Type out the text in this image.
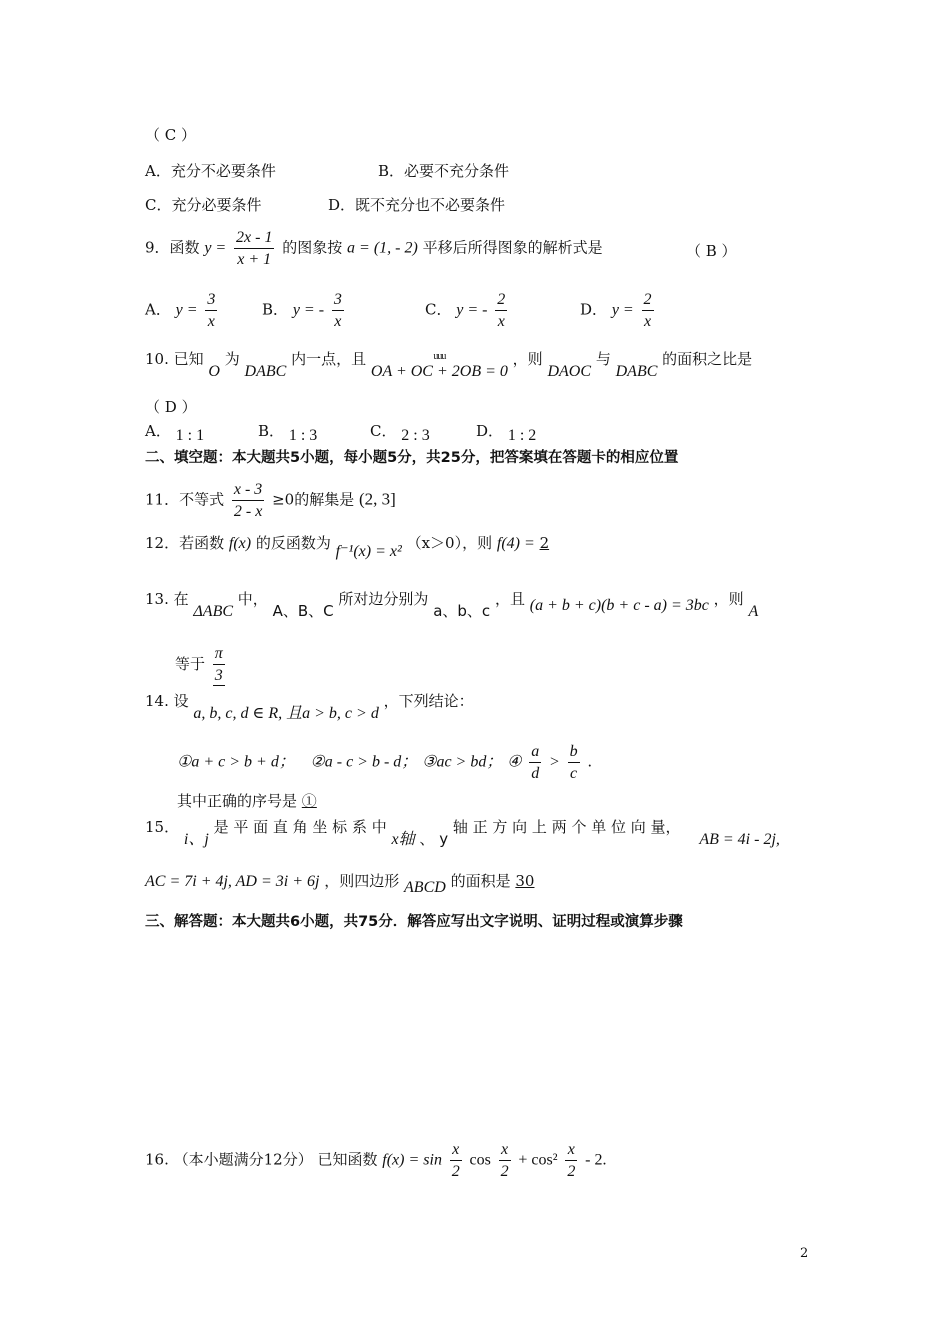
（ C ）
A．充分不必要条件	B．必要不充分条件
C．充分必要条件	D．既不充分也不必要条件
9．函数 $y = \frac{2x - 1}{x + 1}$ 的图象按 a = (1, - 2) 平移后所得图象的解析式是	（ B ）
A． $y = \frac{3}{x}$	B． y = - $\frac{3}{x}$	C． y = - $\frac{2}{x}$	D． $y = \frac{2}{x}$
10. 已知 O 为 DABC 内一点，且 uuu OA + OC + 2OB = 0 ，则 DAOC 与 DABC 的面积之比是
（ D ）
A． 1 : 1	B． 1 : 3	C． 2 : 3	D． 1 : 2
二、填空题：本大题共5小题，每小题5分，共25分，把答案填在答题卡的相应位置
11．不等式 $\frac{x - 3}{2 - x} \ge 0$的解集是 (2, 3]
12．若函数 f(x) 的反函数为 f⁻¹(x) = x² （x＞0），则 f(4) = 2
13. 在 ΔABC 中， A、B、C 所对边分别为 a、b、c ，且 (a + b + c)(b + c - a) = 3bc ，则 A
等于 $\frac{\pi}{3}$
14. 设 a, b, c, d ∈ R, 且a > b, c > d ，下列结论：
①a + c > b + d； ②a - c > b - d； ③ac > bd； ④ $\frac{a}{d} > \frac{b}{c}$ .
其中正确的序号是 ①
15． i、j 是 平 面 直 角 坐 标 系 中 x轴 、 y 轴 正 方 向 上 两 个 单 位 向 量， AB = 4i - 2j,
AC = 7i + 4j, AD = 3i + 6j ，则四边形 ABCD 的面积是 30
三、解答题：本大题共6小题，共75分．解答应写出文字说明、证明过程或演算步骤
16. （本小题满分12分） 已知函数 $f(x) = \sin \frac{x}{2}$ $\cos \frac{x}{2} + \cos^2 \frac{x}{2} - 2$.
2
